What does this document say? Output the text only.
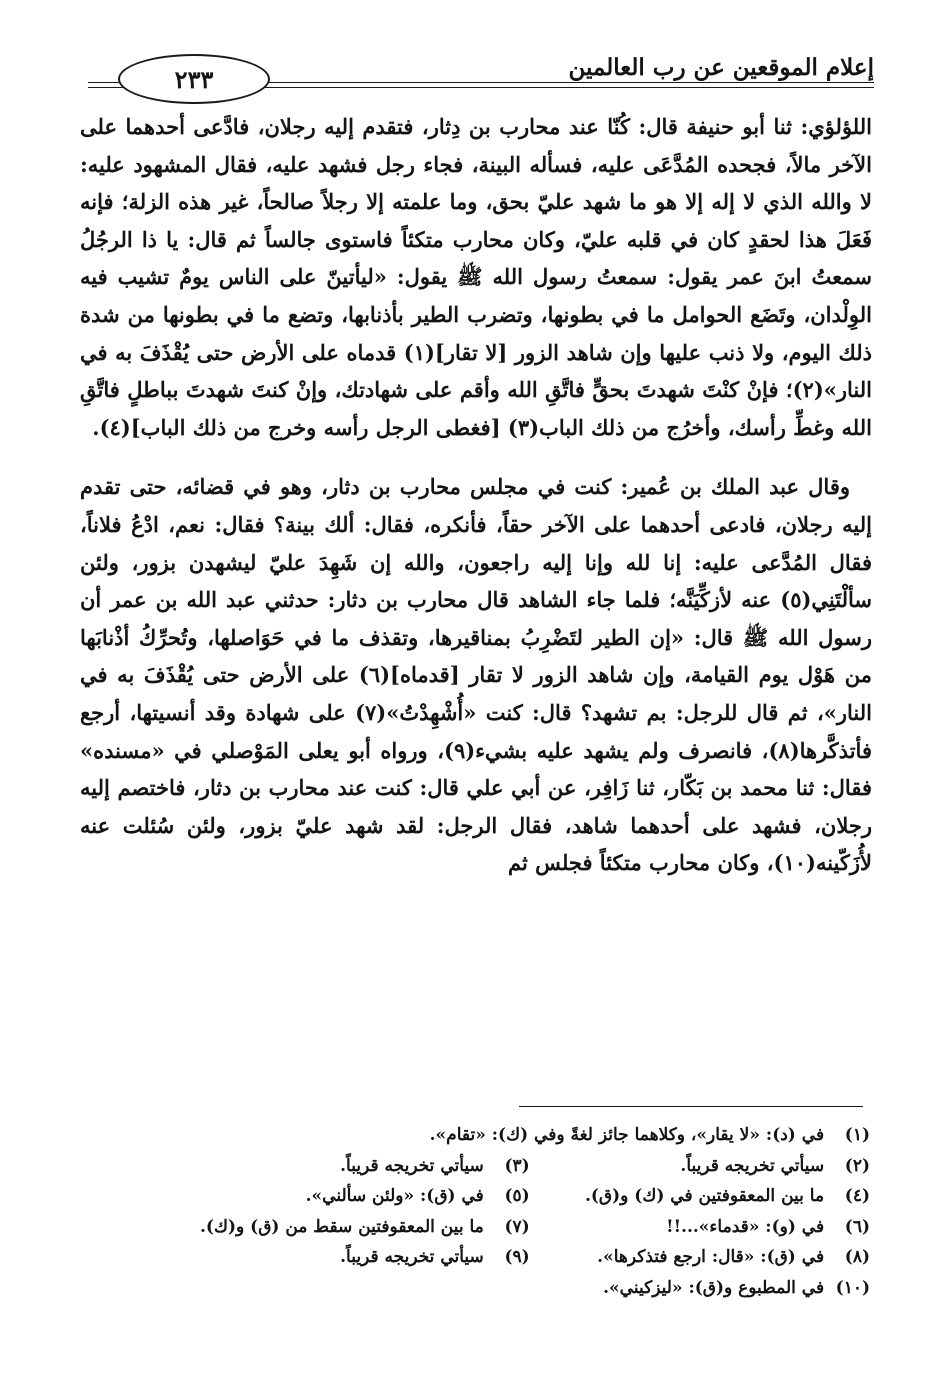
إعلام الموقعين عن رب العالمين
٢٣٣

اللؤلؤي: ثنا أبو حنيفة قال: كُنّا عند محارب بن دِثار، فتقدم إليه رجلان، فادَّعى أحدهما على الآخر مالاً، فجحده المُدَّعَى عليه، فسأله البينة، فجاء رجل فشهد عليه، فقال المشهود عليه: لا والله الذي لا إله إلا هو ما شهد عليّ بحق، وما علمته إلا رجلاً صالحاً، غير هذه الزلة؛ فإنه فَعَلَ هذا لحقدٍ كان في قلبه عليّ، وكان محارب متكئاً فاستوى جالساً ثم قال: يا ذا الرجُلُ سمعتُ ابنَ عمر يقول: سمعتُ رسول الله ﷺ يقول: «ليأتينّ على الناس يومٌ تشيب فيه الوِلْدان، وتَضَع الحوامل ما في بطونها، وتضرب الطير بأذنابها، وتضع ما في بطونها من شدة ذلك اليوم، ولا ذنب عليها وإن شاهد الزور [لا تقار](١) قدماه على الأرض حتى يُقْذَفَ به في النار»(٢)؛ فإنْ كنْتَ شهدتَ بحقٍّ فاتَّقِ الله وأقم على شهادتك، وإنْ كنتَ شهدتَ بباطلٍ فاتَّقِ الله وغطِّ رأسك، وأخرُج من ذلك الباب(٣) [فغطى الرجل رأسه وخرج من ذلك الباب](٤).

وقال عبد الملك بن عُمير: كنت في مجلس محارب بن دثار، وهو في قضائه، حتى تقدم إليه رجلان، فادعى أحدهما على الآخر حقاً، فأنكره، فقال: ألك بينة؟ فقال: نعم، ادْعُ فلاناً، فقال المُدَّعى عليه: إنا لله وإنا إليه راجعون، والله إن شَهِدَ عليّ ليشهدن بزور، ولئن سألْتَنِي(٥) عنه لأزكِّيَنَّه؛ فلما جاء الشاهد قال محارب بن دثار: حدثني عبد الله بن عمر أن رسول الله ﷺ قال: «إن الطير لتَضْرِبُ بمناقيرها، وتقذف ما في حَوَاصلها، وتُحرِّكُ أذْنابَها من هَوْل يوم القيامة، وإن شاهد الزور لا تقار [قدماه](٦) على الأرض حتى يُقْذَفَ به في النار»، ثم قال للرجل: بم تشهد؟ قال: كنت «أُشْهِدْتُ»(٧) على شهادة وقد أنسيتها، أرجع فأتذكَّرها(٨)، فانصرف ولم يشهد عليه بشيء(٩)، ورواه أبو يعلى المَوْصلي في «مسنده» فقال: ثنا محمد بن بَكّار، ثنا زَافِر، عن أبي علي قال: كنت عند محارب بن دثار، فاختصم إليه رجلان، فشهد على أحدهما شاهد، فقال الرجل: لقد شهد عليّ بزور، ولئن سُئلت عنه لأُزَكّينه(١٠)، وكان محارب متكئاً فجلس ثم

(١) في (د): «لا يقار»، وكلاهما جائز لغةً وفي (ك): «تقام».
(٢) سيأتي تخريجه قريباً.
(٣) سيأتي تخريجه قريباً.
(٤) ما بين المعقوفتين في (ك) و(ق).
(٥) في (ق): «ولئن سألني».
(٦) في (و): «قدماء»...!!
(٧) ما بين المعقوفتين سقط من (ق) و(ك).
(٨) في (ق): «قال: ارجع فتذكرها».
(٩) سيأتي تخريجه قريباً.
(١٠) في المطبوع و(ق): «ليزكيني».
